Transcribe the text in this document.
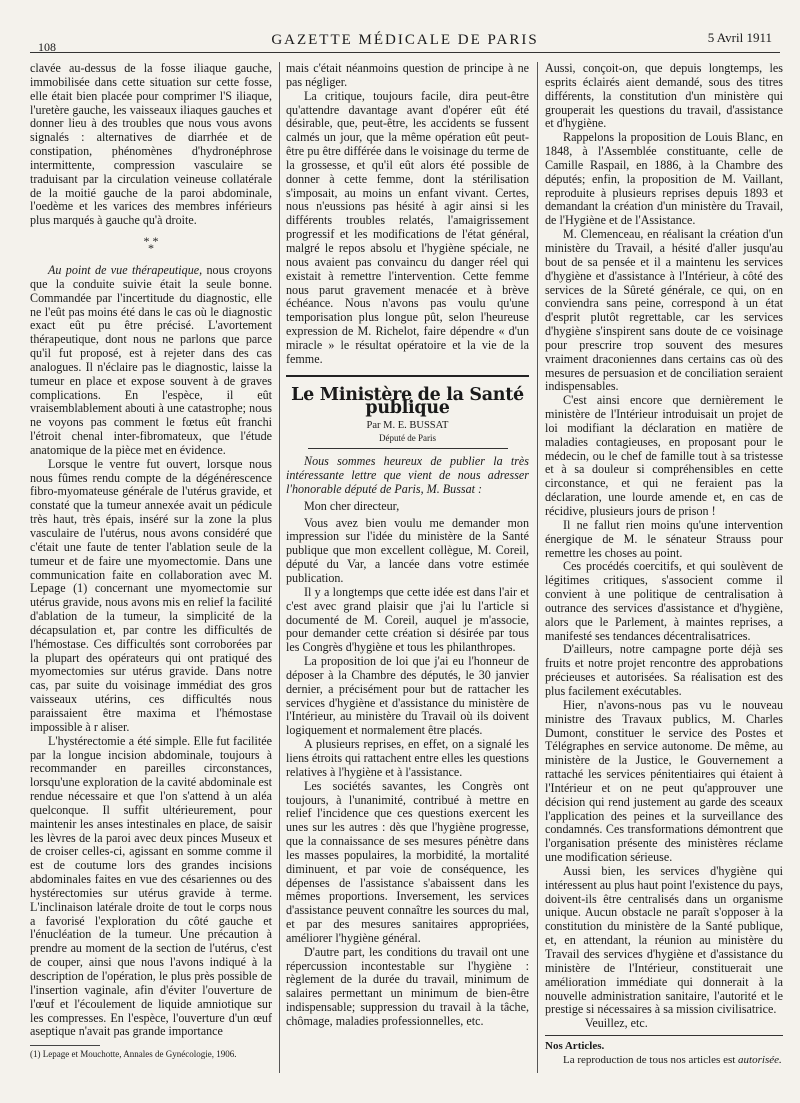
108	GAZETTE MÉDICALE DE PARIS	5 Avril 1911

clavée au-dessus de la fosse iliaque gauche, immobilisée dans cette situation sur cette fosse, elle était bien placée pour comprimer l'S iliaque, l'uretère gauche, les vaisseaux iliaques gauches et donner lieu à des troubles que nous vous avons signalés : alternatives de diarrhée et de constipation, phénomènes d'hydronéphrose intermittente, compression vasculaire se traduisant par la circulation veineuse collatérale de la moitié gauche de la paroi abdominale, l'oedème et les varices des membres inférieurs plus marqués à gauche qu'à droite.

* *
*

Au point de vue thérapeutique, nous croyons que la conduite suivie était la seule bonne. Commandée par l'incertitude du diagnostic, elle ne l'eût pas moins été dans le cas où le diagnostic exact eût pu être précisé. L'avortement thérapeutique, dont nous ne parlons que parce qu'il fut proposé, est à rejeter dans des cas analogues. Il n'éclaire pas le diagnostic, laisse la tumeur en place et expose souvent à de graves complications. En l'espèce, il eût vraisemblablement abouti à une catastrophe; nous ne voyons pas comment le fœtus eût franchi l'étroit chenal inter-fibromateux, que l'étude anatomique de la pièce met en évidence.

Lorsque le ventre fut ouvert, lorsque nous nous fûmes rendu compte de la dégénérescence fibro-myomateuse générale de l'utérus gravide, et constaté que la tumeur annexée avait un pédicule très haut, très épais, inséré sur la zone la plus vasculaire de l'utérus, nous avons considéré que c'était une faute de tenter l'ablation seule de la tumeur et de faire une myomectomie. Dans une communication faite en collaboration avec M. Lepage (1) concernant une myomectomie sur utérus gravide, nous avons mis en relief la facilité d'ablation de la tumeur, la simplicité de la décapsulation et, par contre les difficultés de l'hémostase. Ces difficultés sont corroborées par la plupart des opérateurs qui ont pratiqué des myomectomies sur utérus gravide. Dans notre cas, par suite du voisinage immédiat des gros vaisseaux utérins, ces difficultés nous paraissaient être maxima et l'hémostase impossible à r aliser.

L'hystérectomie a été simple. Elle fut facilitée par la longue incision abdominale, toujours à recommander en pareilles circonstances, lorsqu'une exploration de la cavité abdominale est rendue nécessaire et que l'on s'attend à un aléa quelconque. Il suffit ultérieurement, pour maintenir les anses intestinales en place, de saisir les lèvres de la paroi avec deux pinces Museux et de croiser celles-ci, agissant en somme comme il est de coutume lors des grandes incisions abdominales faites en vue des césariennes ou des hystérectomies sur utérus gravide à terme. L'inclinaison latérale droite de tout le corps nous a favorisé l'exploration du côté gauche et l'énucléation de la tumeur. Une précaution à prendre au moment de la section de l'utérus, c'est de couper, ainsi que nous l'avons indiqué à la description de l'opération, le plus près possible de l'insertion vaginale, afin d'éviter l'ouverture de l'œuf et l'écoulement de liquide amniotique sur les compresses. En l'espèce, l'ouverture d'un œuf aseptique n'avait pas grande importance

(1) Lepage et Mouchotte, Annales de Gynécologie, 1906.

mais c'était néanmoins question de principe à ne pas négliger.

La critique, toujours facile, dira peut-être qu'attendre davantage avant d'opérer eût été désirable, que, peut-être, les accidents se fussent calmés un jour, que la même opération eût peut-être pu être différée dans le voisinage du terme de la grossesse, et qu'il eût alors été possible de donner à cette femme, dont la stérilisation s'imposait, au moins un enfant vivant. Certes, nous n'eussions pas hésité à agir ainsi si les différents troubles relatés, l'amaigrissement progressif et les modifications de l'état général, malgré le repos absolu et l'hygiène spéciale, ne nous avaient pas convaincu du danger réel qui existait à remettre l'intervention. Cette femme nous parut gravement menacée et à brève échéance. Nous n'avons pas voulu qu'une temporisation plus longue pût, selon l'heureuse expression de M. Richelot, faire dépendre « d'un miracle » le résultat opératoire et la vie de la femme.

Le Ministère de la Santé publique
Par M. E. BUSSAT
Député de Paris

Nous sommes heureux de publier la très intéressante lettre que vient de nous adresser l'honorable député de Paris, M. Bussat :

Mon cher directeur,

Vous avez bien voulu me demander mon impression sur l'idée du ministère de la Santé publique que mon excellent collègue, M. Coreil, député du Var, a lancée dans votre estimée publication.

Il y a longtemps que cette idée est dans l'air et c'est avec grand plaisir que j'ai lu l'article si documenté de M. Coreil, auquel je m'associe, pour demander cette création si désirée par tous les Congrès d'hygiène et tous les philanthropes.

La proposition de loi que j'ai eu l'honneur de déposer à la Chambre des députés, le 30 janvier dernier, a précisément pour but de rattacher les services d'hygiène et d'assistance du ministère de l'Intérieur, au ministère du Travail où ils doivent logiquement et normalement être placés.

A plusieurs reprises, en effet, on a signalé les liens étroits qui rattachent entre elles les questions relatives à l'hygiène et à l'assistance.

Les sociétés savantes, les Congrès ont toujours, à l'unanimité, contribué à mettre en relief l'incidence que ces questions exercent les unes sur les autres : dès que l'hygiène progresse, que la connaissance de ses mesures pénètre dans les masses populaires, la morbidité, la mortalité diminuent, et par voie de conséquence, les dépenses de l'assistance s'abaissent dans les mêmes proportions. Inversement, les services d'assistance peuvent connaître les sources du mal, et par des mesures sanitaires appropriées, améliorer l'hygiène général.

D'autre part, les conditions du travail ont une répercussion incontestable sur l'hygiène : règlement de la durée du travail, minimum de salaires permettant un minimum de bien-être indispensable; suppression du travail à la tâche, chômage, maladies professionnelles, etc.

Aussi, conçoit-on, que depuis longtemps, les esprits éclairés aient demandé, sous des titres différents, la constitution d'un ministère qui grouperait les questions du travail, d'assistance et d'hygiène.

Rappelons la proposition de Louis Blanc, en 1848, à l'Assemblée constituante, celle de Camille Raspail, en 1886, à la Chambre des députés; enfin, la proposition de M. Vaillant, reproduite à plusieurs reprises depuis 1893 et demandant la création d'un ministère du Travail, de l'Hygiène et de l'Assistance.

M. Clemenceau, en réalisant la création d'un ministère du Travail, a hésité d'aller jusqu'au bout de sa pensée et il a maintenu les services d'hygiène et d'assistance à l'Intérieur, à côté des services de la Sûreté générale, ce qui, on en conviendra sans peine, correspond à un état d'esprit plutôt regrettable, car les services d'hygiène s'inspirent sans doute de ce voisinage pour prescrire trop souvent des mesures vraiment draconiennes dans certains cas où des mesures de persuasion et de conciliation seraient indispensables.

C'est ainsi encore que dernièrement le ministère de l'Intérieur introduisait un projet de loi modifiant la déclaration en matière de maladies contagieuses, en proposant pour le médecin, ou le chef de famille tout à sa tristesse et à sa douleur si compréhensibles en cette circonstance, et qui ne feraient pas la déclaration, une lourde amende et, en cas de récidive, plusieurs jours de prison !

Il ne fallut rien moins qu'une intervention énergique de M. le sénateur Strauss pour remettre les choses au point.

Ces procédés coercitifs, et qui soulèvent de légitimes critiques, s'associent comme il convient à une politique de centralisation à outrance des services d'assistance et d'hygiène, alors que le Parlement, à maintes reprises, a manifesté ses tendances décentralisatrices.

D'ailleurs, notre campagne porte déjà ses fruits et notre projet rencontre des approbations précieuses et autorisées. Sa réalisation est des plus facilement exécutables.

Hier, n'avons-nous pas vu le nouveau ministre des Travaux publics, M. Charles Dumont, constituer le service des Postes et Télégraphes en service autonome. De même, au ministère de la Justice, le Gouvernement a rattaché les services pénitentiaires qui étaient à l'Intérieur et on ne peut qu'approuver une décision qui rend justement au garde des sceaux l'application des peines et la surveillance des condamnés. Ces transformations démontrent que l'organisation présente des ministères réclame une modification sérieuse.

Aussi bien, les services d'hygiène qui intéressent au plus haut point l'existence du pays, doivent-ils être centralisés dans un organisme unique. Aucun obstacle ne paraît s'opposer à la constitution du ministère de la Santé publique, et, en attendant, la réunion au ministère du Travail des services d'hygiène et d'assistance du ministère de l'Intérieur, constituerait une amélioration immédiate qui donnerait à la nouvelle administration sanitaire, l'autorité et le prestige si nécessaires à sa mission civilisatrice.

Veuillez, etc.

Nos Articles.

La reproduction de tous nos articles est autorisée.
